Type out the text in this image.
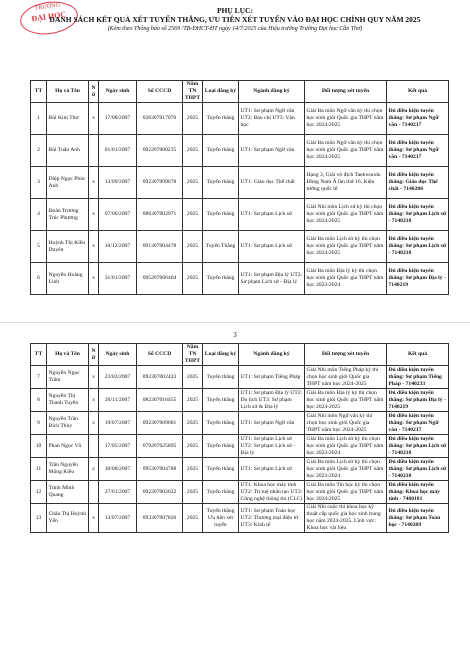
TRƯỜNG
ĐẠI HỌC	PHỤ LỤC:
DANH SÁCH KẾT QUẢ XÉT TUYỂN THẲNG, ƯU TIÊN XÉT TUYỂN VÀO ĐẠI HỌC CHÍNH QUY NĂM 2025
(Kèm theo Thông báo số 2569 /TB-ĐHCT-ĐT ngày 14/7/2025 của Hiệu trưởng Trường Đại học Cần Thơ)
TT	Họ và Tên	Nữ	Ngày sinh	Số CCCD	Năm TN THPT	Loại đăng ký	Ngành đăng ký	Đối tượng xét tuyển	Kết quả
1	Bùi Kim Thư	x	17/08/2007	036307017070	2025	Tuyển thẳng	UT1: Sư phạm Ngữ văn UT2: Báo chí UT3: Văn học	Giải Ba môn Ngữ văn kỳ thi chọn học sinh giỏi Quốc gia THPT năm học 2024-2025	Đủ điều kiện tuyển thẳng: Sư phạm Ngữ văn - 7140217
2	Bùi Tuấn Anh		01/01/2007	092207000235	2025	Tuyển thẳng	UT1: Sư phạm Ngữ văn	Giải Ba môn Ngữ văn kỳ thi chọn học sinh giỏi Quốc gia THPT năm học 2024-2025	Đủ điều kiện tuyển thẳng: Sư phạm Ngữ văn - 7140217
3	Diệp Ngọc Phúc Anh	x	13/09/2007	092307009678	2025	Tuyển thẳng	UT1: Giáo dục Thể chất	Hạng 3, Giải vô địch Taekwondo Đồng Nam Á lần thứ 16. Kiện tướng quốc tế.	Đủ điều kiện tuyển thẳng: Giáo dục Thể chất - 7140206
4	Đoàn Trương Trúc Phương	x	07/06/2007	086307002971	2025	Tuyển thẳng	UT1: Sư phạm Lịch sử	Giải Nhì môn Lịch sử kỳ thi chọn học sinh giỏi Quốc gia THPT năm học 2024-2025	Đủ điều kiện tuyển thẳng: Sư phạm Lịch sử - 7140218
5	Huỳnh Thị Kiều Duyên	x	10/12/2007	091307004478	2025	Tuyển Thẳng	UT1: Sư phạm Lịch sử	Giải Ba môn Lịch sử kỳ thi chọn học sinh giỏi Quốc gia THPT năm học 2024-2025	Đủ điều kiện tuyển thẳng: Sư phạm Lịch sử - 7140218
6	Nguyễn Hoàng Linh	x	31/01/2007	095207006404	2025	Tuyển thẳng	UT1: Sư phạm Địa lý UT2: Sư phạm Lịch sử - Địa lý	Giải Ba môn Địa lý kỳ thi chọn học sinh giỏi Quốc gia THPT năm học 2023-2024	Đủ điều kiện tuyển thẳng: Sư phạm Địa lý - 7140219
3
TT	Họ và Tên	Nữ	Ngày sinh	Số CCCD	Năm TN THPT	Loại đăng ký	Ngành đăng ký	Đối tượng xét tuyển	Kết quả
7	Nguyễn Ngọc Trâm	x	23/03/2007	092307002423	2025	Tuyển thẳng	UT1: Sư phạm Tiếng Pháp	Giải Nhì môn Tiếng Pháp kỳ thi chọn học sinh giỏi Quốc gia THPT năm học 2024-2025	Đủ điều kiện tuyển thẳng: Sư phạm Tiếng Pháp - 7140233
8	Nguyễn Thị Thanh Tuyền	x	26/11/2007	082307016455	2025	Tuyển thẳng	UT1: Sư phạm Địa lý UT2: Du lịch UT3: Sư phạm Lịch sử & Địa lý	Giải Ba môn Địa lý kỳ thi chọn học sinh giỏi Quốc gia THPT năm học 2024-2025	Đủ điều kiện tuyển thẳng: Sư phạm Địa lý - 7140219
9	Nguyễn Trần Bích Thùy	x	19/07/2007	092307009681	2025	Tuyển thẳng	UT1: Sư phạm Ngữ văn	Giải Nhì môn Ngữ văn kỳ thi chọn học sinh giỏi Quốc gia THPT năm học 2024-2025	Đủ điều kiện tuyển thẳng: Sư phạm Ngữ văn - 7140217
10	Phan Ngọc Vũ		17/05/2007	079207025895	2025	Tuyển thẳng	UT1: Sư phạm Lịch sử UT2: Sư phạm Lịch sử - Địa lý	Giải Ba môn Lịch sử kỳ thi chọn học sinh giỏi Quốc gia THPT năm học 2023-2024	Đủ điều kiện tuyển thẳng: Sư phạm Lịch sử - 7140218
11	Trần Nguyễn Mộng Kiều	x	30/08/2007	095307004788	2025	Tuyển thẳng	UT1: Sư phạm Lịch sử	Giải Ba môn Lịch sử kỳ thi chọn học sinh giỏi Quốc gia THPT năm học 2023-2024	Đủ điều kiện tuyển thẳng: Sư phạm Lịch sử - 7140218
12	Trịnh Minh Quang		27/01/2007	092207002622	2025	Tuyển thẳng	UT1: Khoa học máy tính UT2: Trí tuệ nhân tạo UT3: Công nghệ thông tin (CLC)	Giải Ba môn Tin học kỳ thi chọn học sinh giỏi Quốc gia THPT năm học 2024-2025	Đủ điều kiện tuyển thẳng: Khoa học máy tính - 7480101
13	Châu Thị Huỳnh Yến	x	13/07/2007	093307007820	2025	Tuyển thẳng Ưu tiên xét tuyển	UT1: Sư phạm Toán học UT2: Thương mại điện tử UT3: Kinh tế	Giải Nhì cuộc thi khoa học kỹ thuật cấp quốc gia học sinh trung học năm 2024-2025. Lĩnh vực: Khoa học vật liệu	Đủ điều kiện tuyển thẳng: Sư phạm Toán học - 7140209
